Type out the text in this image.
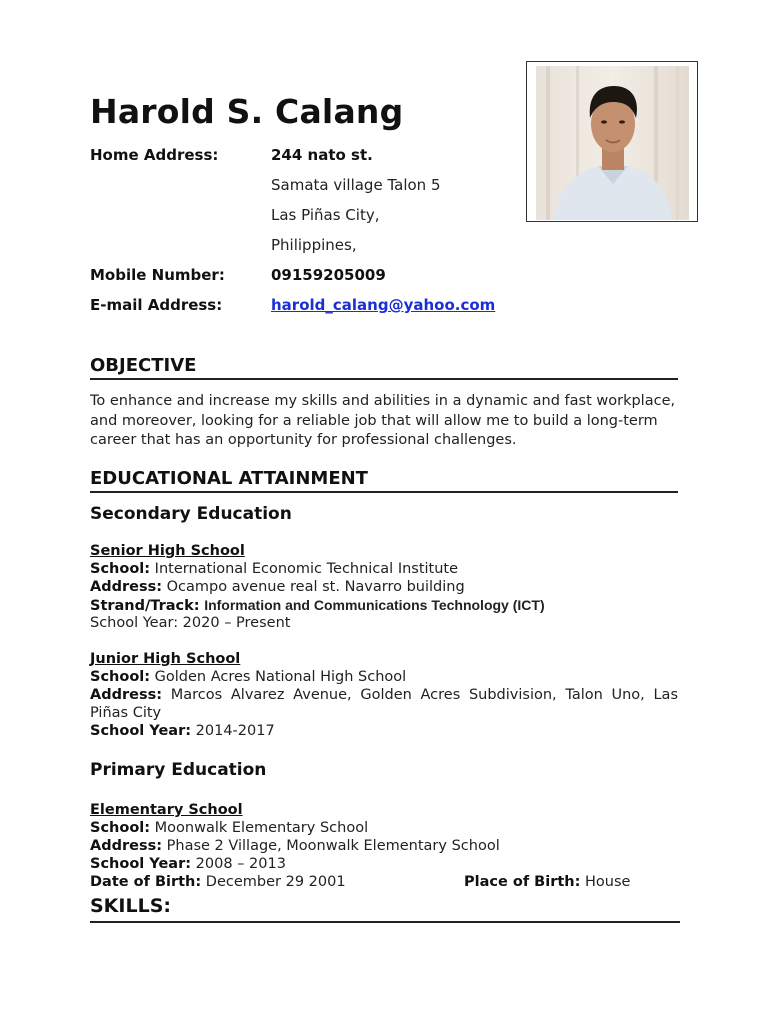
Harold S. Calang
Home Address:	244 nato st.
Samata village Talon 5
Las Piñas City,
Philippines,
Mobile Number:	09159205009
E-mail Address:	harold_calang@yahoo.com
OBJECTIVE
To enhance and increase my skills and abilities in a dynamic and fast workplace, and moreover, looking for a reliable job that will allow me to build a long-term career that has an opportunity for professional challenges.
EDUCATIONAL ATTAINMENT
Secondary Education
Senior High School
School: International Economic Technical Institute
Address: Ocampo avenue real st. Navarro building
Strand/Track: Information and Communications Technology (ICT)
School Year: 2020 – Present
Junior High School
School: Golden Acres National High School
Address: Marcos Alvarez Avenue, Golden Acres Subdivision, Talon Uno, Las Piñas City
School Year: 2014-2017
Primary Education
Elementary School
School: Moonwalk Elementary School
Address: Phase 2 Village, Moonwalk Elementary School
School Year: 2008 – 2013
Date of Birth: December 29 2001	Place of Birth: House
SKILLS:
